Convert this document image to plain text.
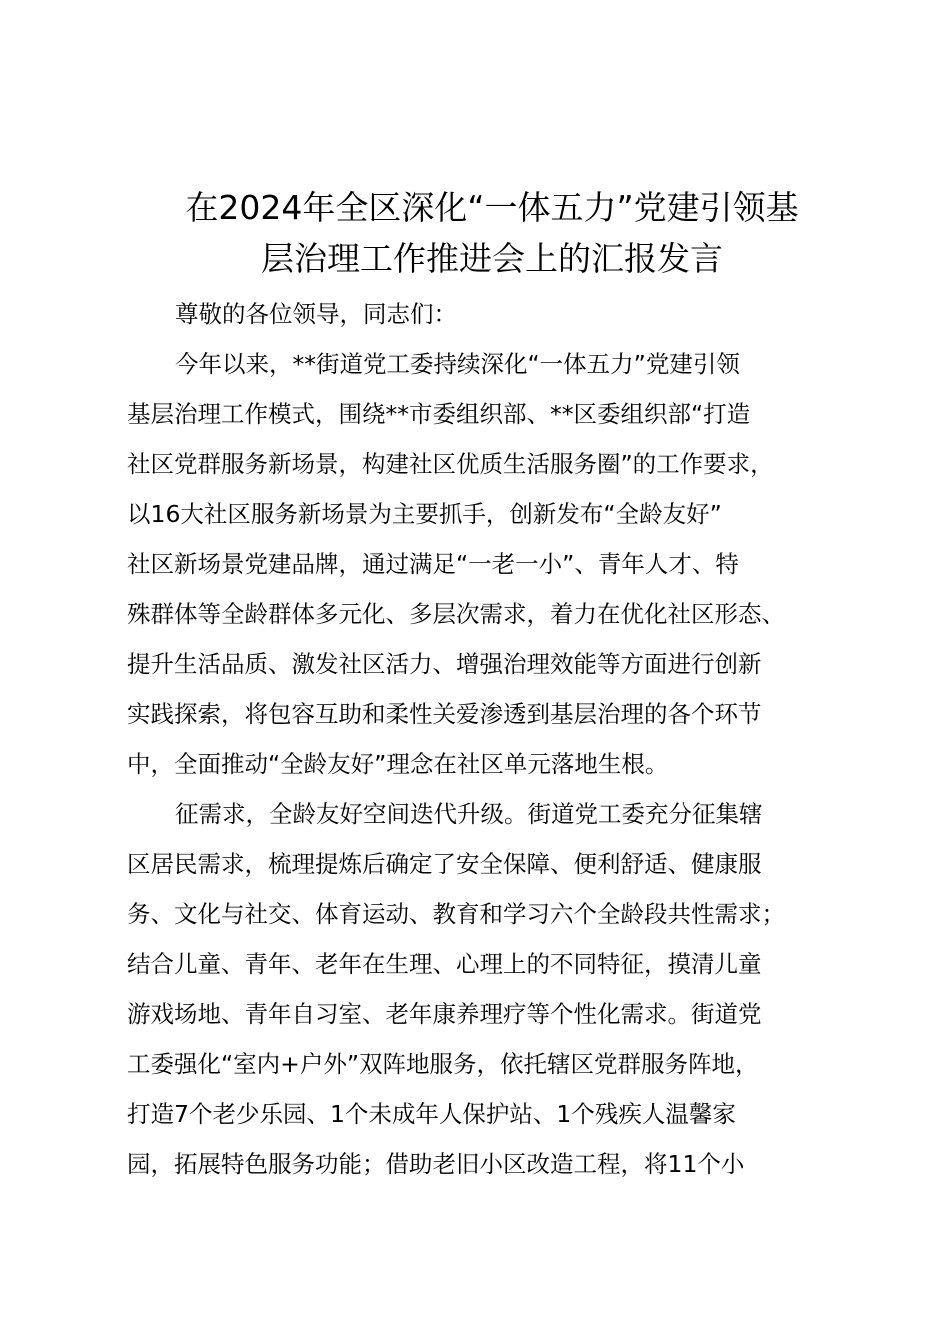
在2024年全区深化“一体五力”党建引领基
层治理工作推进会上的汇报发言

尊敬的各位领导，同志们：

今年以来，**街道党工委持续深化“一体五力”党建引领
基层治理工作模式，围绕**市委组织部、**区委组织部“打造
社区党群服务新场景，构建社区优质生活服务圈”的工作要求，
以16大社区服务新场景为主要抓手，创新发布“全龄友好”
社区新场景党建品牌，通过满足“一老一小”、青年人才、特
殊群体等全龄群体多元化、多层次需求，着力在优化社区形态、
提升生活品质、激发社区活力、增强治理效能等方面进行创新
实践探索，将包容互助和柔性关爱渗透到基层治理的各个环节
中，全面推动“全龄友好”理念在社区单元落地生根。

征需求，全龄友好空间迭代升级。街道党工委充分征集辖
区居民需求，梳理提炼后确定了安全保障、便利舒适、健康服
务、文化与社交、体育运动、教育和学习六个全龄段共性需求；
结合儿童、青年、老年在生理、心理上的不同特征，摸清儿童
游戏场地、青年自习室、老年康养理疗等个性化需求。街道党
工委强化“室内+户外”双阵地服务，依托辖区党群服务阵地，
打造7个老少乐园、1个未成年人保护站、1个残疾人温馨家
园，拓展特色服务功能；借助老旧小区改造工程，将11个小
